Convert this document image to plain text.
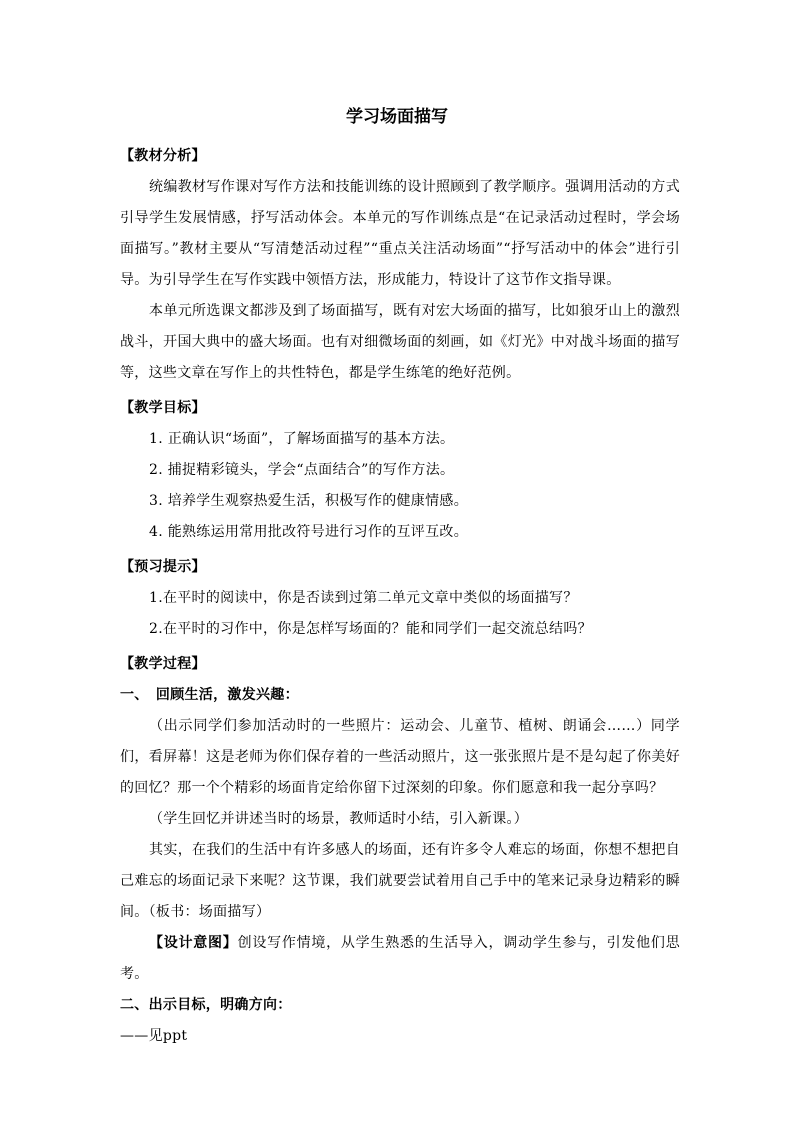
学习场面描写
【教材分析】

统编教材写作课对写作方法和技能训练的设计照顾到了教学顺序。强调用活动的方式引导学生发展情感，抒写活动体会。本单元的写作训练点是“在记录活动过程时，学会场面描写。”教材主要从“写清楚活动过程”“重点关注活动场面”“抒写活动中的体会”进行引导。为引导学生在写作实践中领悟方法，形成能力，特设计了这节作文指导课。

本单元所选课文都涉及到了场面描写，既有对宏大场面的描写，比如狼牙山上的激烈战斗，开国大典中的盛大场面。也有对细微场面的刻画，如《灯光》中对战斗场面的描写等，这些文章在写作上的共性特色，都是学生练笔的绝好范例。

【教学目标】
1. 正确认识“场面”，了解场面描写的基本方法。
2. 捕捉精彩镜头，学会“点面结合”的写作方法。
3. 培养学生观察热爱生活，积极写作的健康情感。
4. 能熟练运用常用批改符号进行习作的互评互改。
【预习提示】
1.在平时的阅读中，你是否读到过第二单元文章中类似的场面描写？
2.在平时的习作中，你是怎样写场面的？能和同学们一起交流总结吗？
【教学过程】
一、　回顾生活，激发兴趣：

（出示同学们参加活动时的一些照片：运动会、儿童节、植树、朗诵会……）同学们，看屏幕！这是老师为你们保存着的一些活动照片，这一张张照片是不是勾起了你美好的回忆？那一个个精彩的场面肯定给你留下过深刻的印象。你们愿意和我一起分享吗？

（学生回忆并讲述当时的场景，教师适时小结，引入新课。）

其实，在我们的生活中有许多感人的场面，还有许多令人难忘的场面，你想不想把自己难忘的场面记录下来呢？这节课，我们就要尝试着用自己手中的笔来记录身边精彩的瞬间。（板书：场面描写）

【设计意图】创设写作情境，从学生熟悉的生活导入，调动学生参与，引发他们思考。

二、出示目标，明确方向：
——见ppt
